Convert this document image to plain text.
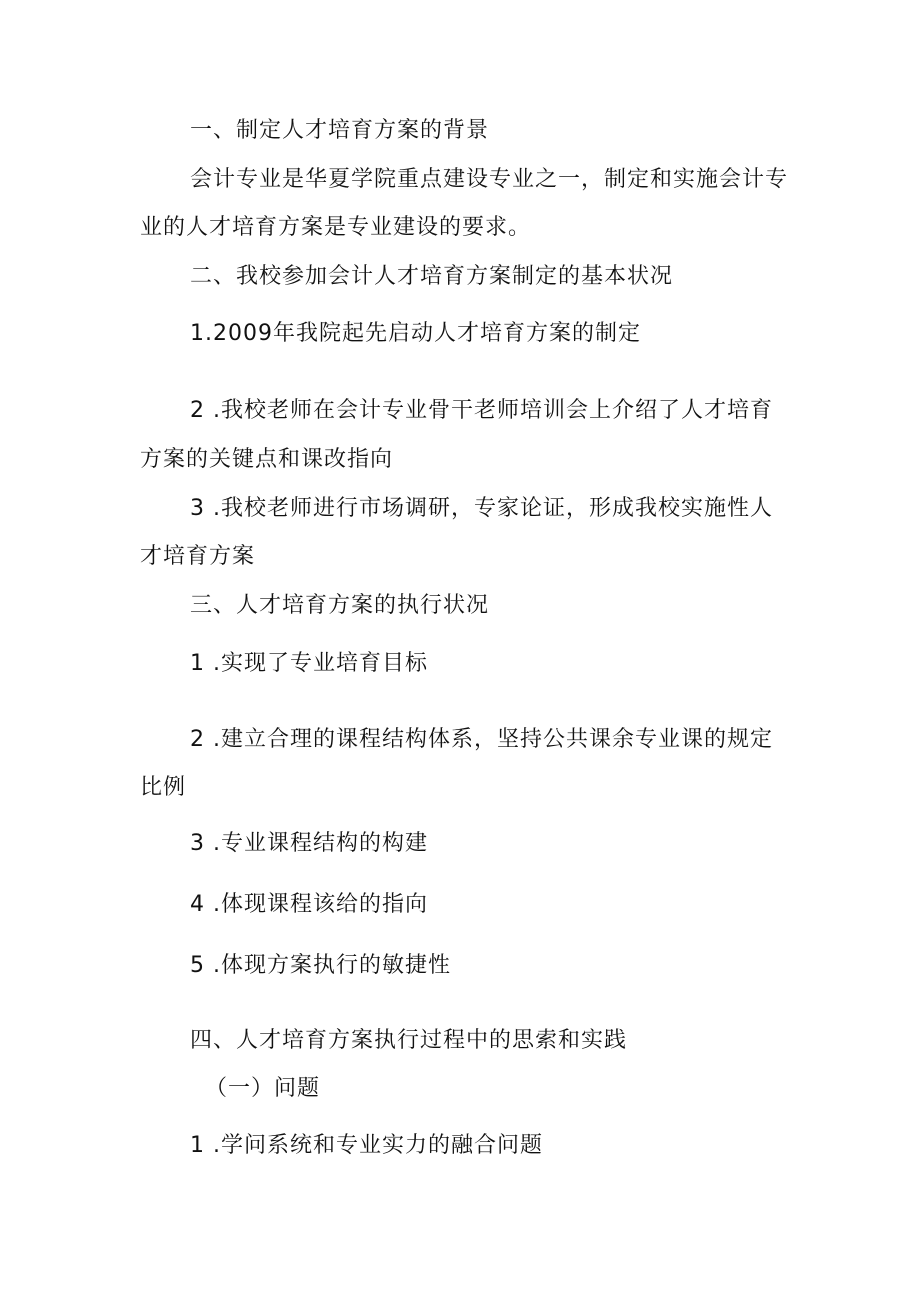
一、制定人才培育方案的背景

会计专业是华夏学院重点建设专业之一，制定和实施会计专

业的人才培育方案是专业建设的要求。

二、我校参加会计人才培育方案制定的基本状况

1.2009年我院起先启动人才培育方案的制定

2 .我校老师在会计专业骨干老师培训会上介绍了人才培育

方案的关键点和课改指向

3 .我校老师进行市场调研，专家论证，形成我校实施性人

才培育方案

三、人才培育方案的执行状况

1 .实现了专业培育目标

2 .建立合理的课程结构体系，坚持公共课余专业课的规定

比例

3 .专业课程结构的构建

4 .体现课程该给的指向

5 .体现方案执行的敏捷性

四、人才培育方案执行过程中的思索和实践

（一）问题

1 .学问系统和专业实力的融合问题
